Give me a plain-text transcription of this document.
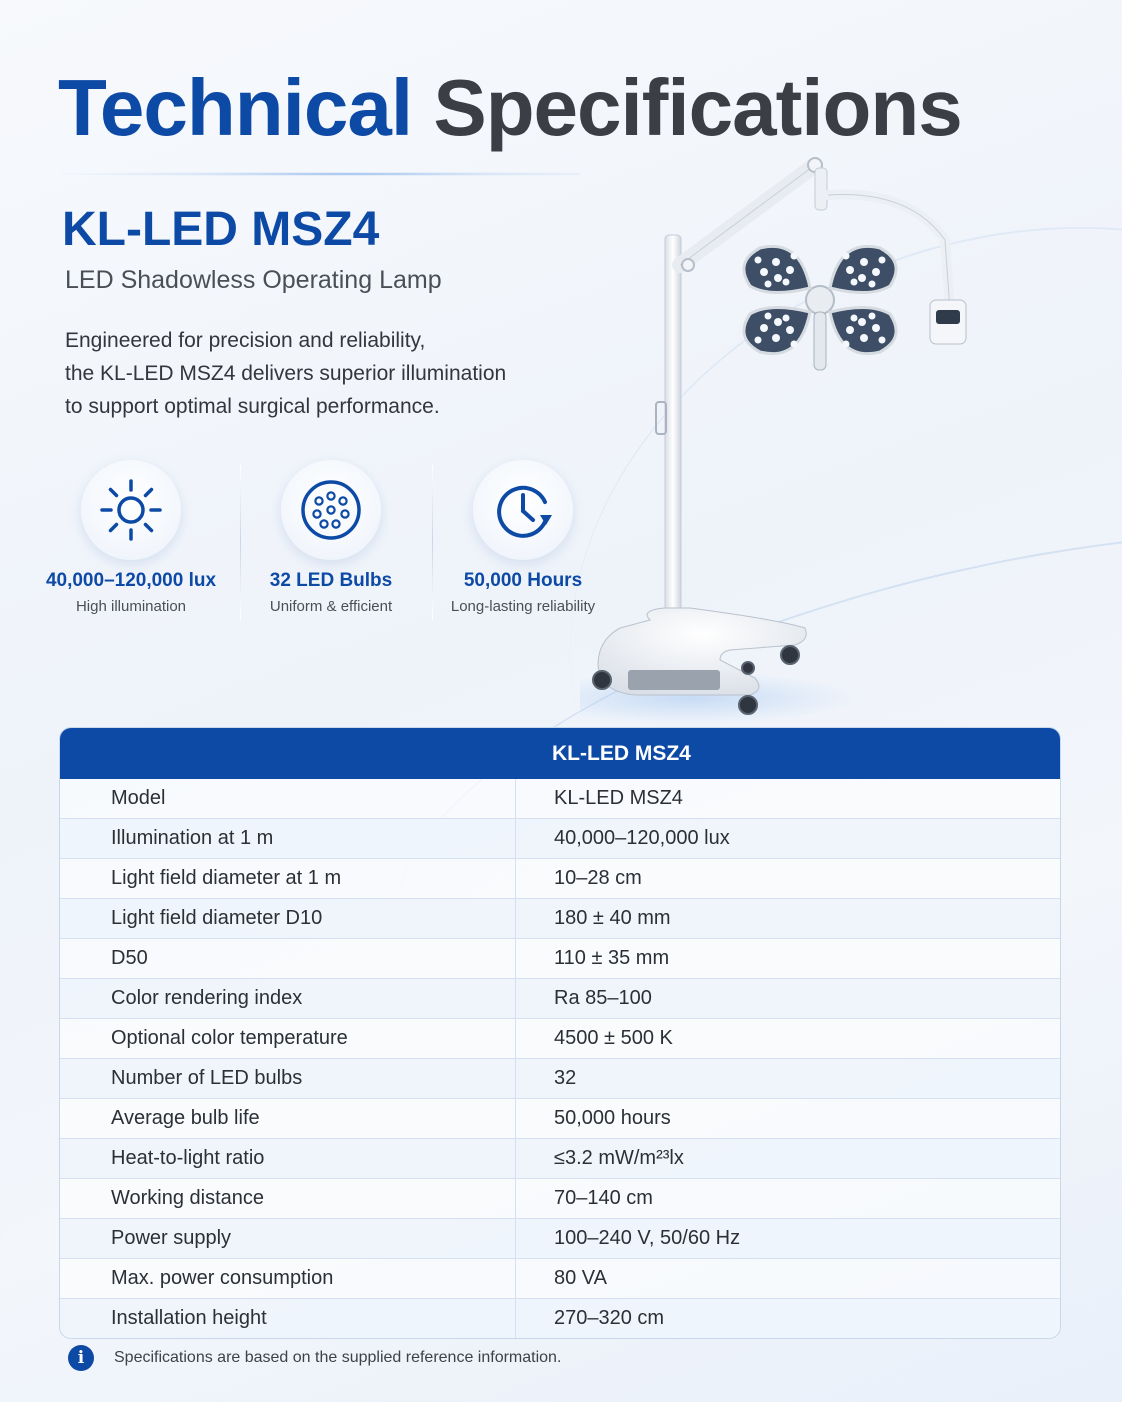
Technical Specifications
KL-LED MSZ4
LED Shadowless Operating Lamp
Engineered for precision and reliability,
the KL-LED MSZ4 delivers superior illumination
to support optimal surgical performance.
40,000–120,000 lux
High illumination
32 LED Bulbs
Uniform & efficient
50,000 Hours
Long-lasting reliability
KL-LED MSZ4
Model	KL-LED MSZ4
Illumination at 1 m	40,000–120,000 lux
Light field diameter at 1 m	10–28 cm
Light field diameter D10	180 ± 40 mm
D50	110 ± 35 mm
Color rendering index	Ra 85–100
Optional color temperature	4500 ± 500 K
Number of LED bulbs	32
Average bulb life	50,000 hours
Heat-to-light ratio	≤3.2 mW/m²³lx
Working distance	70–140 cm
Power supply	100–240 V, 50/60 Hz
Max. power consumption	80 VA
Installation height	270–320 cm
i	Specifications are based on the supplied reference information.
